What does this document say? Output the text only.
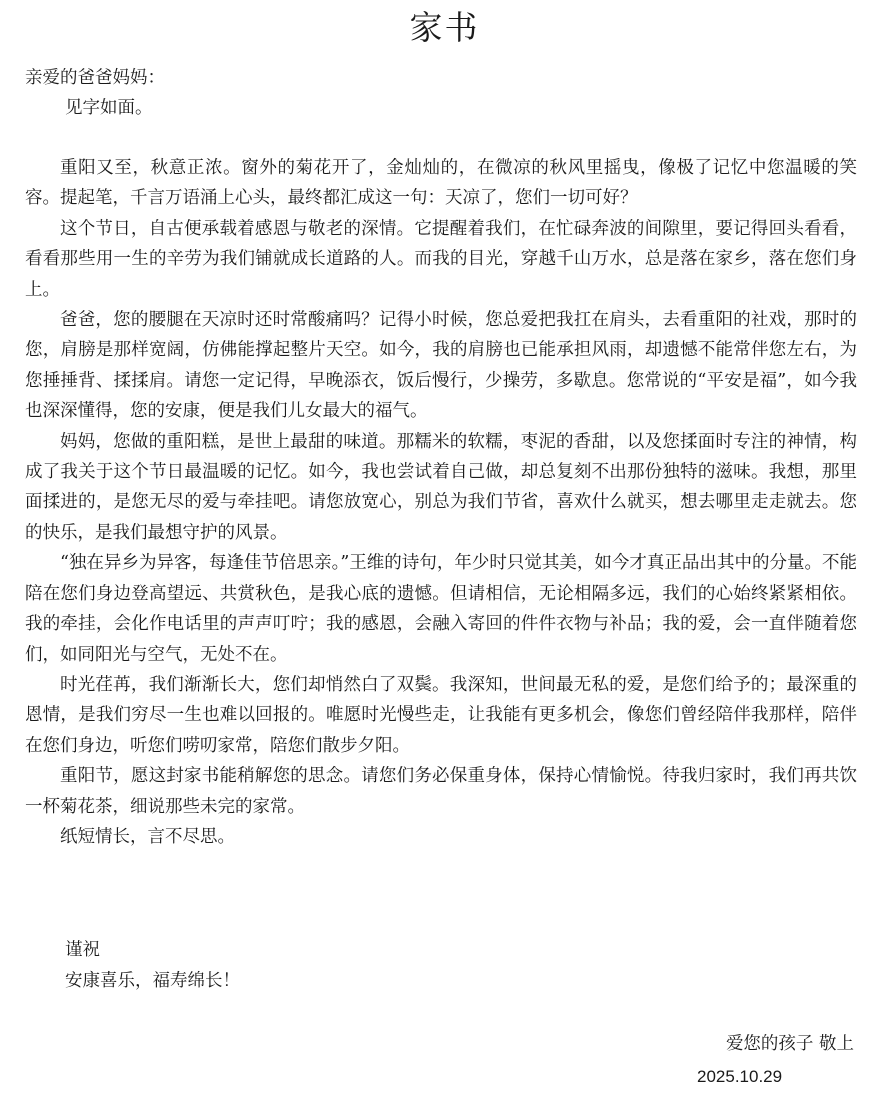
家书

亲爱的爸爸妈妈：

见字如面。

重阳又至，秋意正浓。窗外的菊花开了，金灿灿的，在微凉的秋风里摇曳，像极了记忆中您温暖的笑容。提起笔，千言万语涌上心头，最终都汇成这一句：天凉了，您们一切可好？

这个节日，自古便承载着感恩与敬老的深情。它提醒着我们，在忙碌奔波的间隙里，要记得回头看看，看看那些用一生的辛劳为我们铺就成长道路的人。而我的目光，穿越千山万水，总是落在家乡，落在您们身上。

爸爸，您的腰腿在天凉时还时常酸痛吗？记得小时候，您总爱把我扛在肩头，去看重阳的社戏，那时的您，肩膀是那样宽阔，仿佛能撑起整片天空。如今，我的肩膀也已能承担风雨，却遗憾不能常伴您左右，为您捶捶背、揉揉肩。请您一定记得，早晚添衣，饭后慢行，少操劳，多歇息。您常说的“平安是福”，如今我也深深懂得，您的安康，便是我们儿女最大的福气。

妈妈，您做的重阳糕，是世上最甜的味道。那糯米的软糯，枣泥的香甜，以及您揉面时专注的神情，构成了我关于这个节日最温暖的记忆。如今，我也尝试着自己做，却总复刻不出那份独特的滋味。我想，那里面揉进的，是您无尽的爱与牵挂吧。请您放宽心，别总为我们节省，喜欢什么就买，想去哪里走走就去。您的快乐，是我们最想守护的风景。

“独在异乡为异客，每逢佳节倍思亲。”王维的诗句，年少时只觉其美，如今才真正品出其中的分量。不能陪在您们身边登高望远、共赏秋色，是我心底的遗憾。但请相信，无论相隔多远，我们的心始终紧紧相依。我的牵挂，会化作电话里的声声叮咛；我的感恩，会融入寄回的件件衣物与补品；我的爱，会一直伴随着您们，如同阳光与空气，无处不在。

时光荏苒，我们渐渐长大，您们却悄然白了双鬓。我深知，世间最无私的爱，是您们给予的；最深重的恩情，是我们穷尽一生也难以回报的。唯愿时光慢些走，让我能有更多机会，像您们曾经陪伴我那样，陪伴在您们身边，听您们唠叨家常，陪您们散步夕阳。

重阳节，愿这封家书能稍解您的思念。请您们务必保重身体，保持心情愉悦。待我归家时，我们再共饮一杯菊花茶，细说那些未完的家常。

纸短情长，言不尽思。

谨祝

安康喜乐，福寿绵长！

爱您的孩子 敬上

2025.10.29
